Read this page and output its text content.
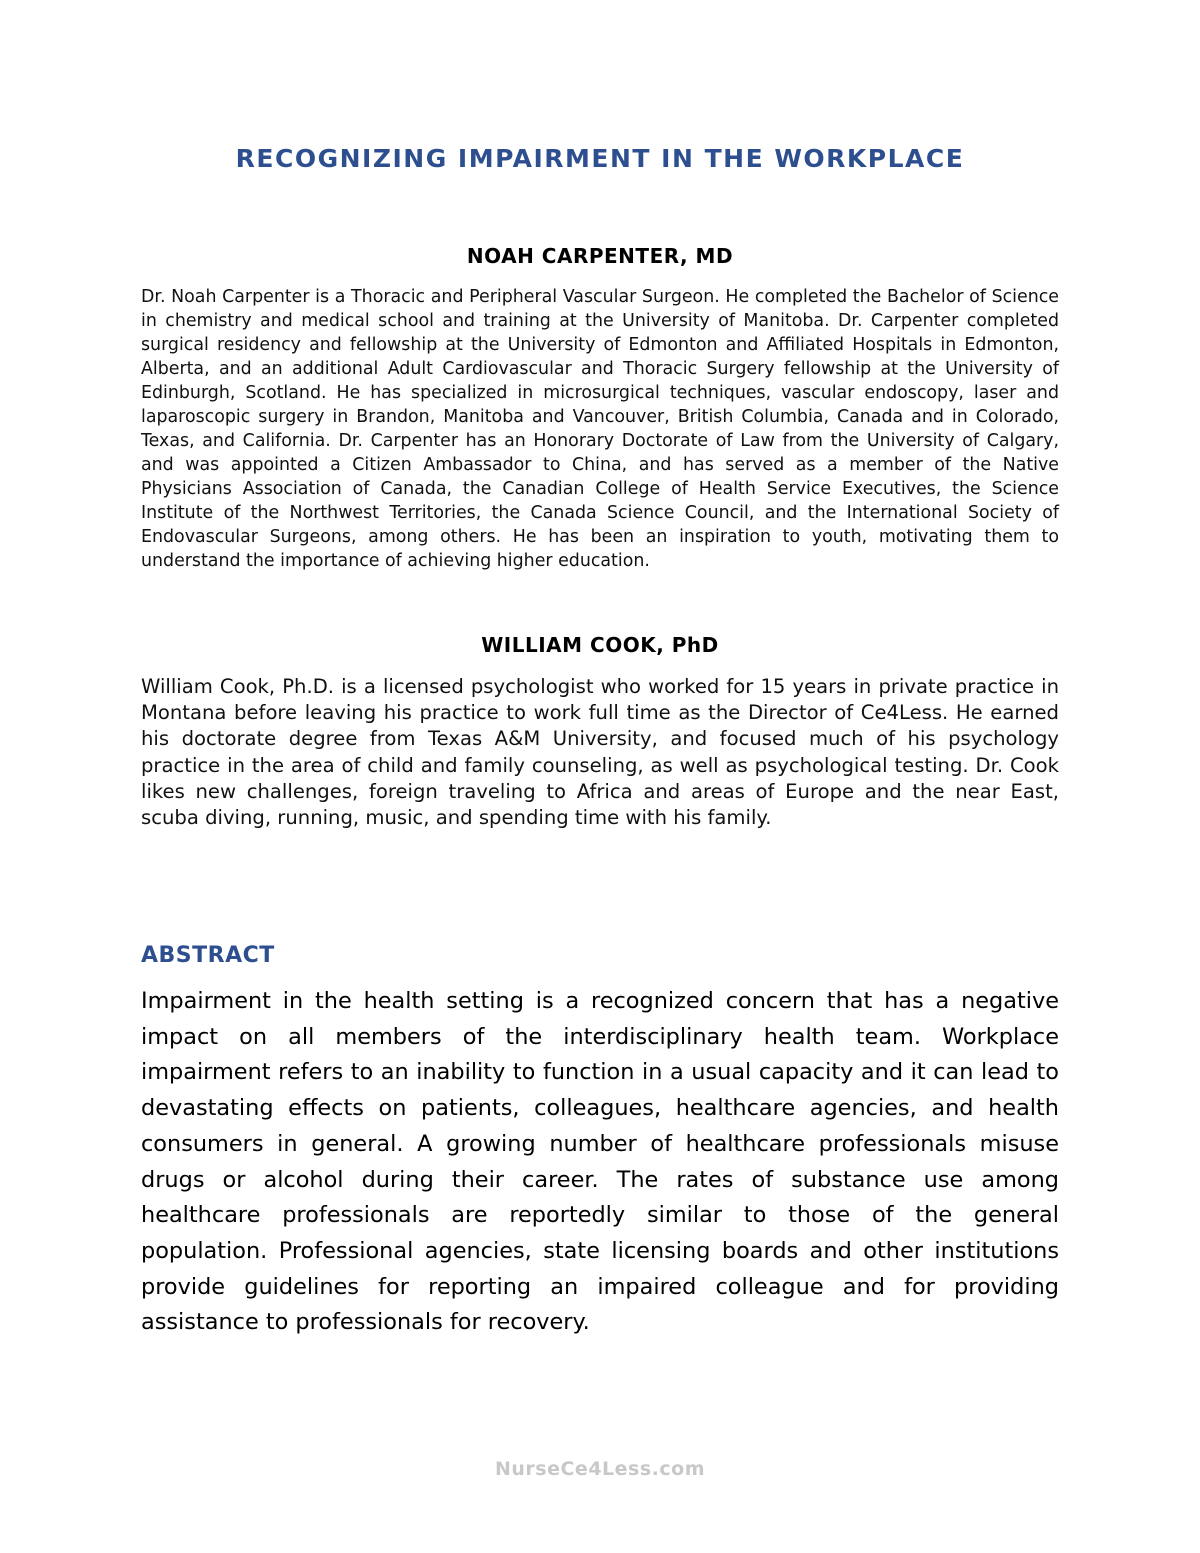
RECOGNIZING IMPAIRMENT IN THE WORKPLACE
NOAH CARPENTER, MD

Dr. Noah Carpenter is a Thoracic and Peripheral Vascular Surgeon. He completed the Bachelor of Science in chemistry and medical school and training at the University of Manitoba. Dr. Carpenter completed surgical residency and fellowship at the University of Edmonton and Affiliated Hospitals in Edmonton, Alberta, and an additional Adult Cardiovascular and Thoracic Surgery fellowship at the University of Edinburgh, Scotland. He has specialized in microsurgical techniques, vascular endoscopy, laser and laparoscopic surgery in Brandon, Manitoba and Vancouver, British Columbia, Canada and in Colorado, Texas, and California. Dr. Carpenter has an Honorary Doctorate of Law from the University of Calgary, and was appointed a Citizen Ambassador to China, and has served as a member of the Native Physicians Association of Canada, the Canadian College of Health Service Executives, the Science Institute of the Northwest Territories, the Canada Science Council, and the International Society of Endovascular Surgeons, among others. He has been an inspiration to youth, motivating them to understand the importance of achieving higher education.

WILLIAM COOK, PhD

William Cook, Ph.D. is a licensed psychologist who worked for 15 years in private practice in Montana before leaving his practice to work full time as the Director of Ce4Less. He earned his doctorate degree from Texas A&M University, and focused much of his psychology practice in the area of child and family counseling, as well as psychological testing. Dr. Cook likes new challenges, foreign traveling to Africa and areas of Europe and the near East, scuba diving, running, music, and spending time with his family.

ABSTRACT

Impairment in the health setting is a recognized concern that has a negative impact on all members of the interdisciplinary health team. Workplace impairment refers to an inability to function in a usual capacity and it can lead to devastating effects on patients, colleagues, healthcare agencies, and health consumers in general. A growing number of healthcare professionals misuse drugs or alcohol during their career. The rates of substance use among healthcare professionals are reportedly similar to those of the general population. Professional agencies, state licensing boards and other institutions provide guidelines for reporting an impaired colleague and for providing assistance to professionals for recovery.

NurseCe4Less.com
